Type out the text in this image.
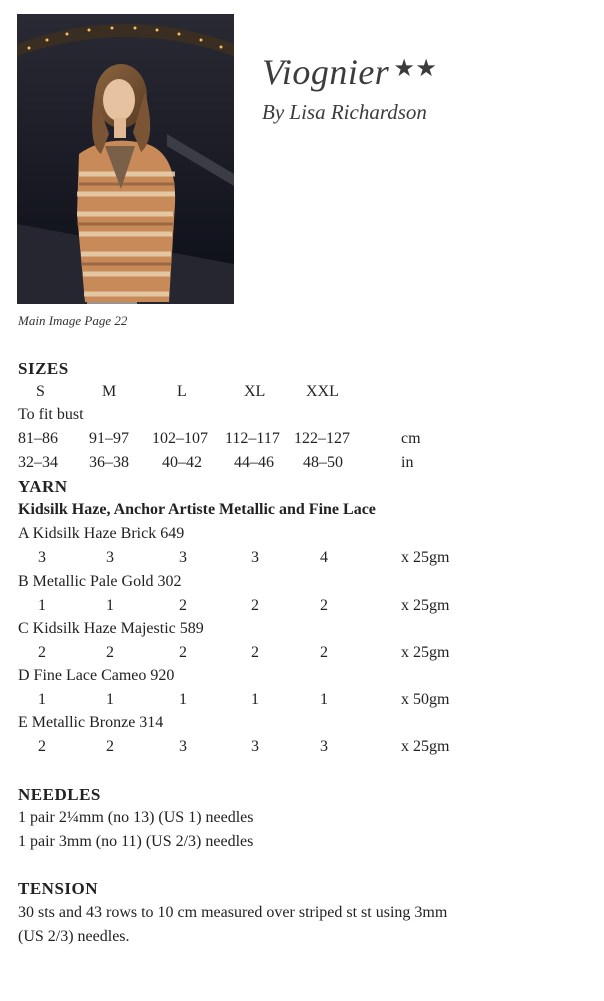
Main Image Page 22
Viognier ★★
By Lisa Richardson
SIZES
S	M	L	XL	XXL
To fit bust
81–86 91–97 102–107 112–117 122–127	cm
32–34 36–38 40–42 44–46 48–50	in
YARN
Kidsilk Haze, Anchor Artiste Metallic and Fine Lace
A Kidsilk Haze Brick 649
3	3	3	3	4	x 25gm
B Metallic Pale Gold 302
1	1	2	2	2	x 25gm
C Kidsilk Haze Majestic 589
2	2	2	2	2	x 25gm
D Fine Lace Cameo 920
1	1	1	1	1	x 50gm
E Metallic Bronze 314
2	2	3	3	3	x 25gm
NEEDLES
1 pair 2¼mm (no 13) (US 1) needles
1 pair 3mm (no 11) (US 2/3) needles
TENSION
30 sts and 43 rows to 10 cm measured over striped st st using 3mm
(US 2/3) needles.
